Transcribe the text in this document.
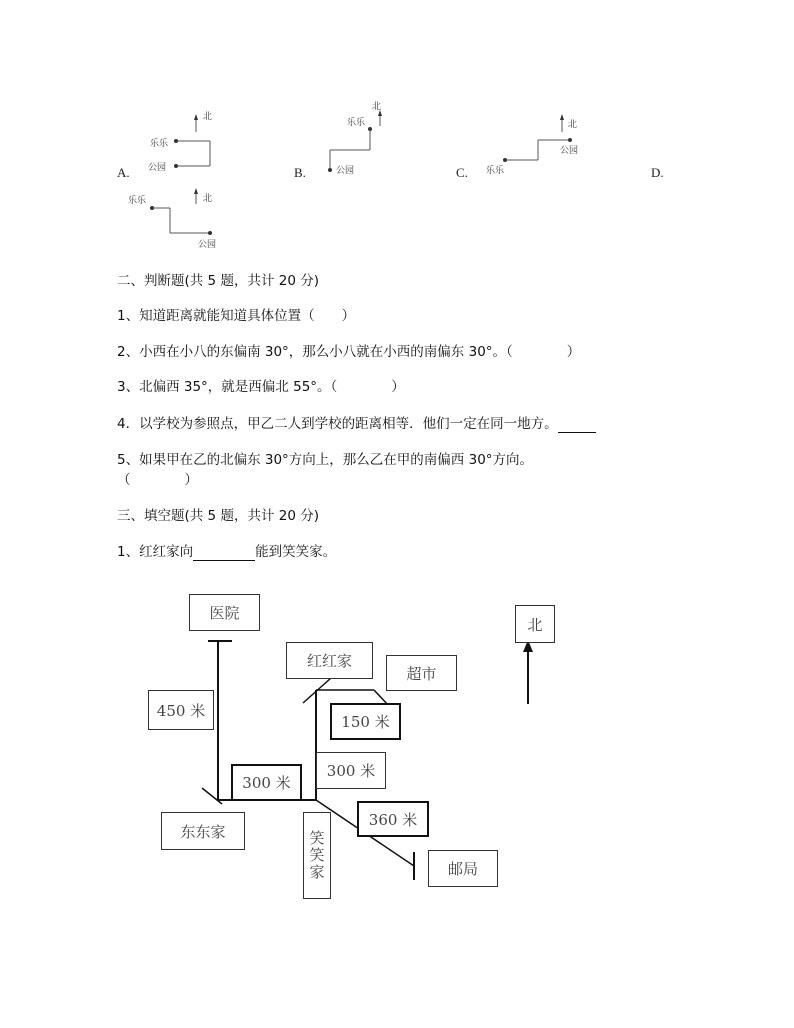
A.
乐乐
公园
北
B.
乐乐
公园
北
C. 乐乐
公园
北
D.
乐乐
公园
北
二、判断题(共 5 题，共计 20 分)
1、知道距离就能知道具体位置（　　）
2、小西在小八的东偏南 30°，那么小八就在小西的南偏东 30°。（　　　　）
3、北偏西 35°，就是西偏北 55°。（　　　　）
4．以学校为参照点，甲乙二人到学校的距离相等．他们一定在同一地方。
5、如果甲在乙的北偏东 30°方向上，那么乙在甲的南偏西 30°方向。
（　　　　）
三、填空题(共 5 题，共计 20 分)
1、红红家向	能到笑笑家。
医院
北
红红家
超市
450 米
150 米
300 米
300 米
360 米
东东家	笑笑家	邮局
